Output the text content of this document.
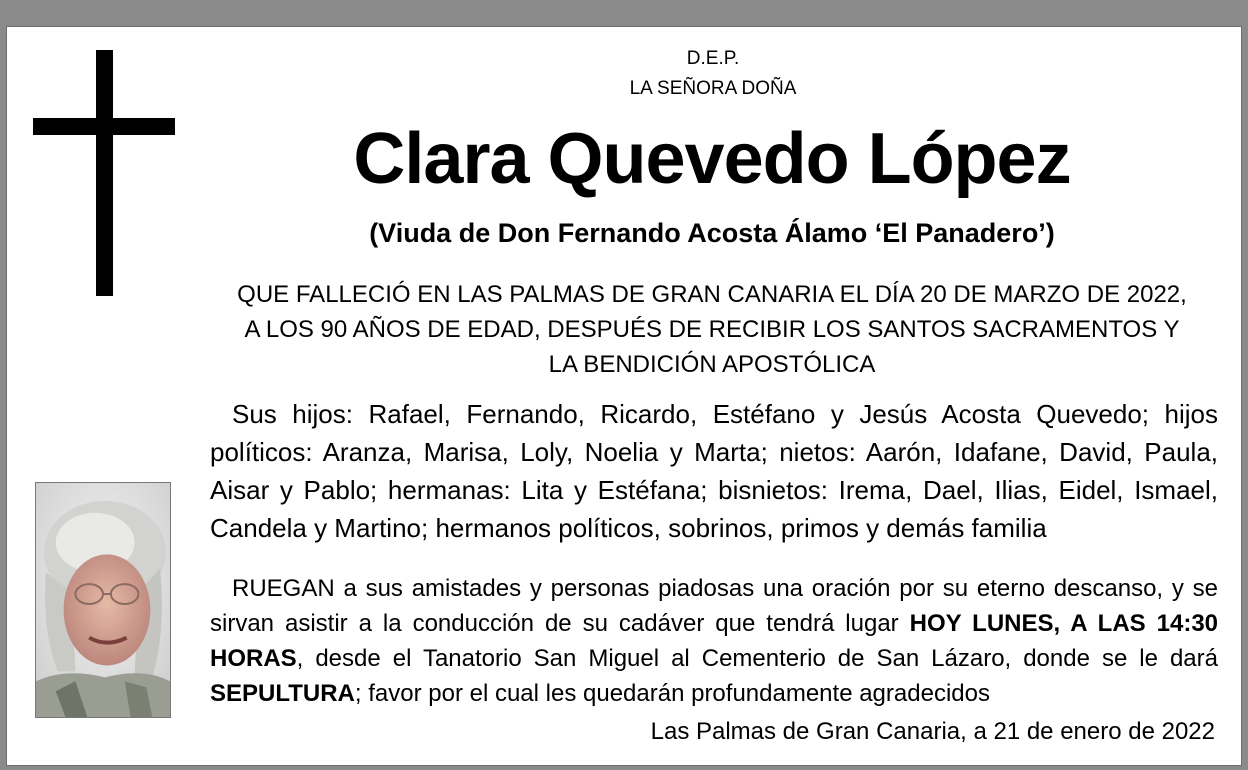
D.E.P.
LA SEÑORA DOÑA
Clara Quevedo López
(Viuda de Don Fernando Acosta Álamo ‘El Panadero’)
QUE FALLECIÓ EN LAS PALMAS DE GRAN CANARIA EL DÍA 20 DE MARZO DE 2022,
A LOS 90 AÑOS DE EDAD, DESPUÉS DE RECIBIR LOS SANTOS SACRAMENTOS Y
LA BENDICIÓN APOSTÓLICA
Sus hijos: Rafael, Fernando, Ricardo, Estéfano y Jesús Acosta Quevedo; hijos políticos: Aranza, Marisa, Loly, Noelia y Marta; nietos: Aarón, Idafane, David, Paula, Aisar y Pablo; hermanas: Lita y Estéfana; bisnietos: Irema, Dael, Ilias, Eidel, Ismael, Candela y Martino; hermanos políticos, sobrinos, primos y demás familia
RUEGAN a sus amistades y personas piadosas una oración por su eterno descanso, y se sirvan asistir a la conducción de su cadáver que tendrá lugar HOY LUNES, A LAS 14:30 HORAS, desde el Tanatorio San Miguel al Cementerio de San Lázaro, donde se le dará SEPULTURA; favor por el cual les quedarán profundamente agradecidos
Las Palmas de Gran Canaria, a 21 de enero de 2022
